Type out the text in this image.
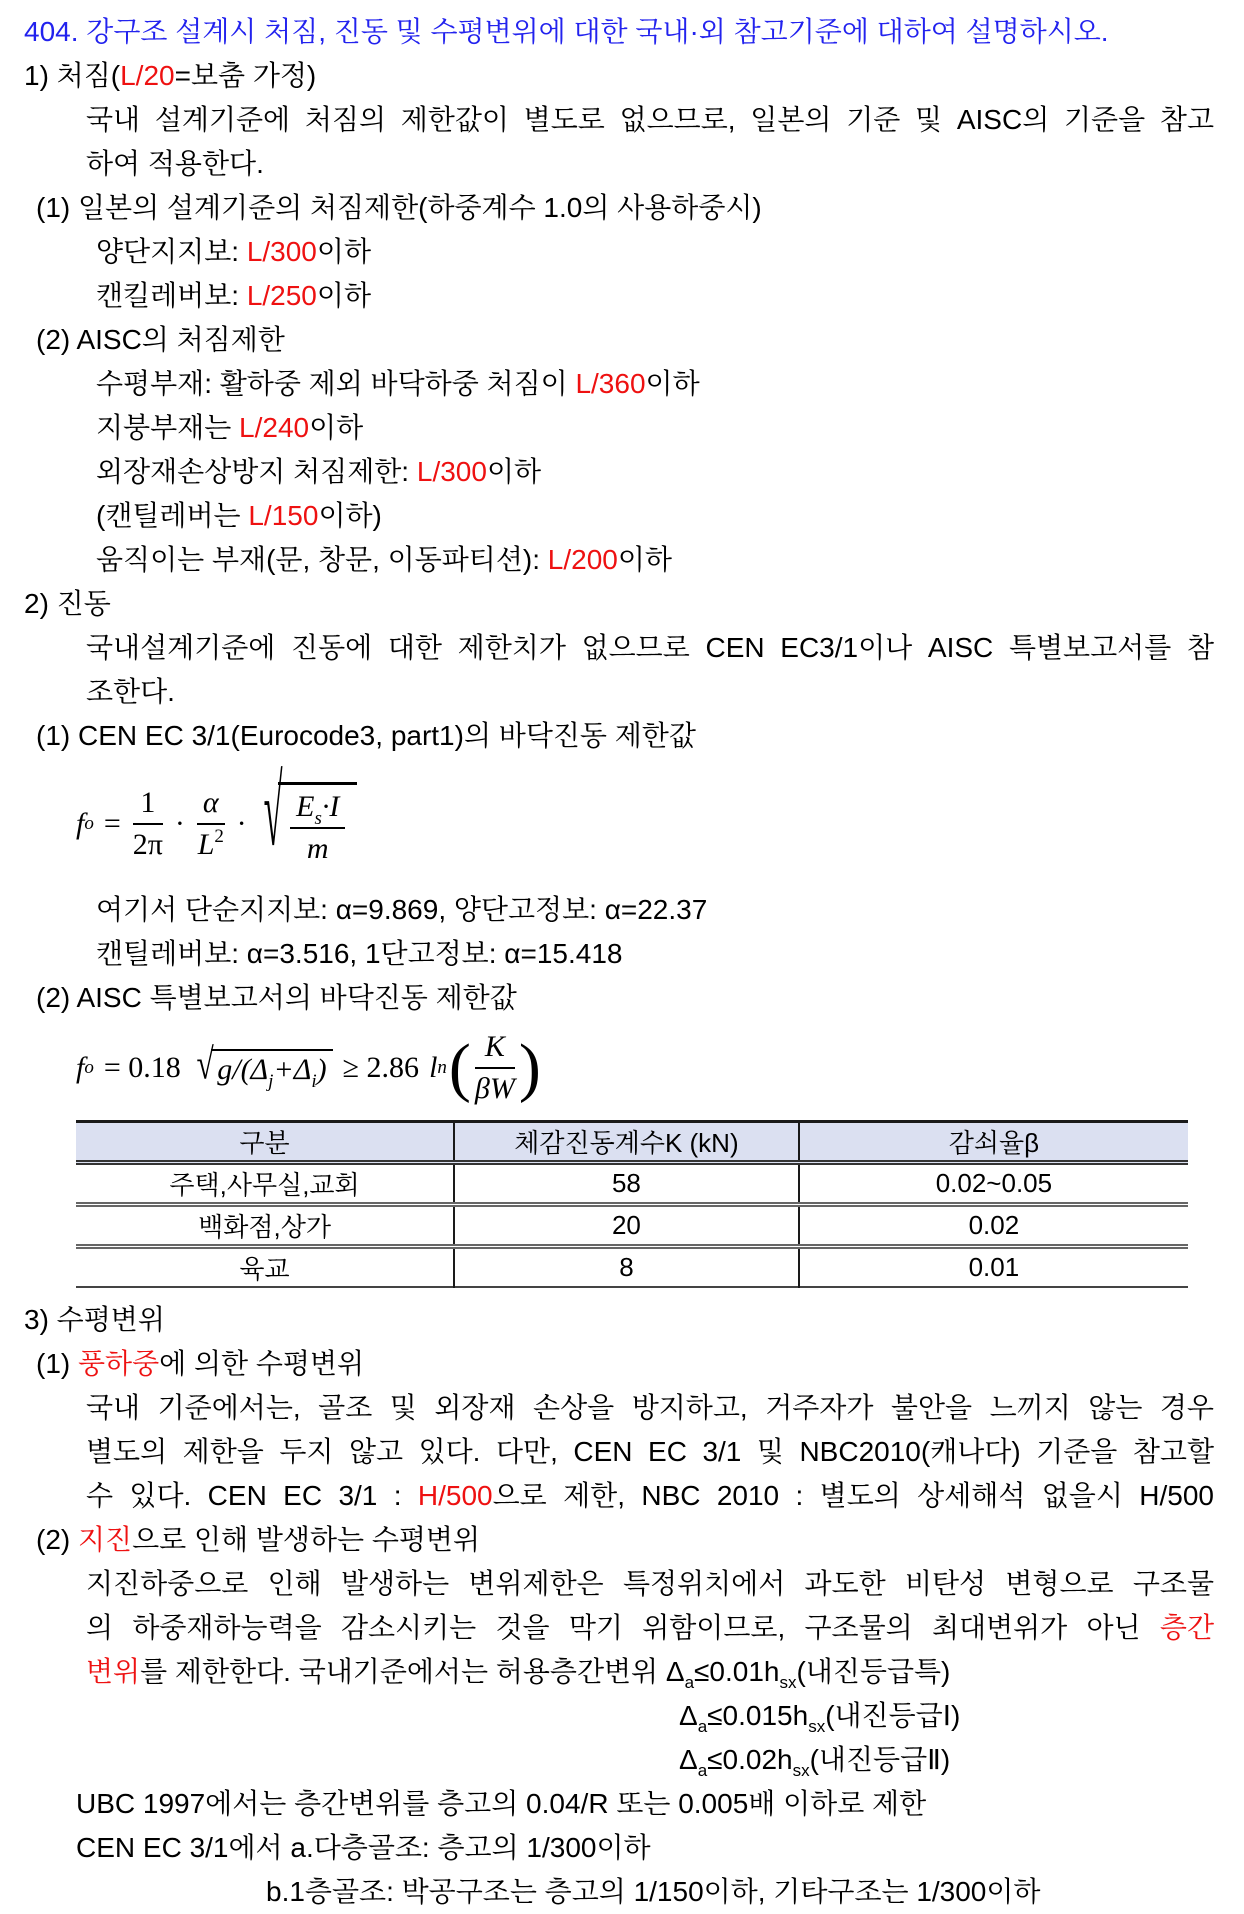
404. 강구조 설계시 처짐, 진동 및 수평변위에 대한 국내·외 참고기준에 대하여 설명하시오.
1) 처짐(L/20=보춤 가정)
국내 설계기준에 처짐의 제한값이 별도로 없으므로, 일본의 기준 및 AISC의 기준을 참고
하여 적용한다.
(1) 일본의 설계기준의 처짐제한(하중계수 1.0의 사용하중시)
양단지지보: L/300이하
캔킬레버보: L/250이하
(2) AISC의 처짐제한
수평부재: 활하중 제외 바닥하중 처짐이 L/360이하
지붕부재는 L/240이하
외장재손상방지 처짐제한: L/300이하
(캔틸레버는 L/150이하)
움직이는 부재(문, 창문, 이동파티션): L/200이하
2) 진동
국내설계기준에 진동에 대한 제한치가 없으므로 CEN EC3/1이나 AISC 특별보고서를 참
조한다.
(1) CEN EC 3/1(Eurocode3, part1)의 바닥진동 제한값
f $o = \frac{1}{2\pi} \cdot \frac{\alpha}{L^2}$ · √ $\frac{E_s\cdot I}{m}$
여기서 단순지지보: α=9.869, 양단고정보: α=22.37
캔틸레버보: α=3.516, 1단고정보: α=15.418
(2) AISC 특별보고서의 바닥진동 제한값
f o = 0.18 √ $g/(\Delta_j+\Delta_i) \ge 2.86$ l n ( $\frac{K}{\beta W}$ )
구분	체감진동계수K (kN)	감쇠율β
주택,사무실,교회	58	0.02~0.05
백화점,상가	20	0.02
육교	8	0.01
3) 수평변위
(1) 풍하중에 의한 수평변위
국내 기준에서는, 골조 및 외장재 손상을 방지하고, 거주자가 불안을 느끼지 않는 경우
별도의 제한을 두지 않고 있다. 다만, CEN EC 3/1 및 NBC2010(캐나다) 기준을 참고할
수 있다. CEN EC 3/1 : H/500으로 제한, NBC 2010 : 별도의 상세해석 없을시 H/500
(2) 지진으로 인해 발생하는 수평변위
지진하중으로 인해 발생하는 변위제한은 특정위치에서 과도한 비탄성 변형으로 구조물
의 하중재하능력을 감소시키는 것을 막기 위함이므로, 구조물의 최대변위가 아닌 층간
변위를 제한한다. 국내기준에서는 허용층간변위 $\Delta_a\le 0.01h_{sx}$(내진등급특)
$\Delta_a\le 0.015h_{sx}$(내진등급Ⅰ)
$\Delta_a\le 0.02h_{sx}$(내진등급Ⅱ)
UBC 1997에서는 층간변위를 층고의 0.04/R 또는 0.005배 이하로 제한
CEN EC 3/1에서 a.다층골조: 층고의 1/300이하
b.1층골조: 박공구조는 층고의 1/150이하, 기타구조는 1/300이하
